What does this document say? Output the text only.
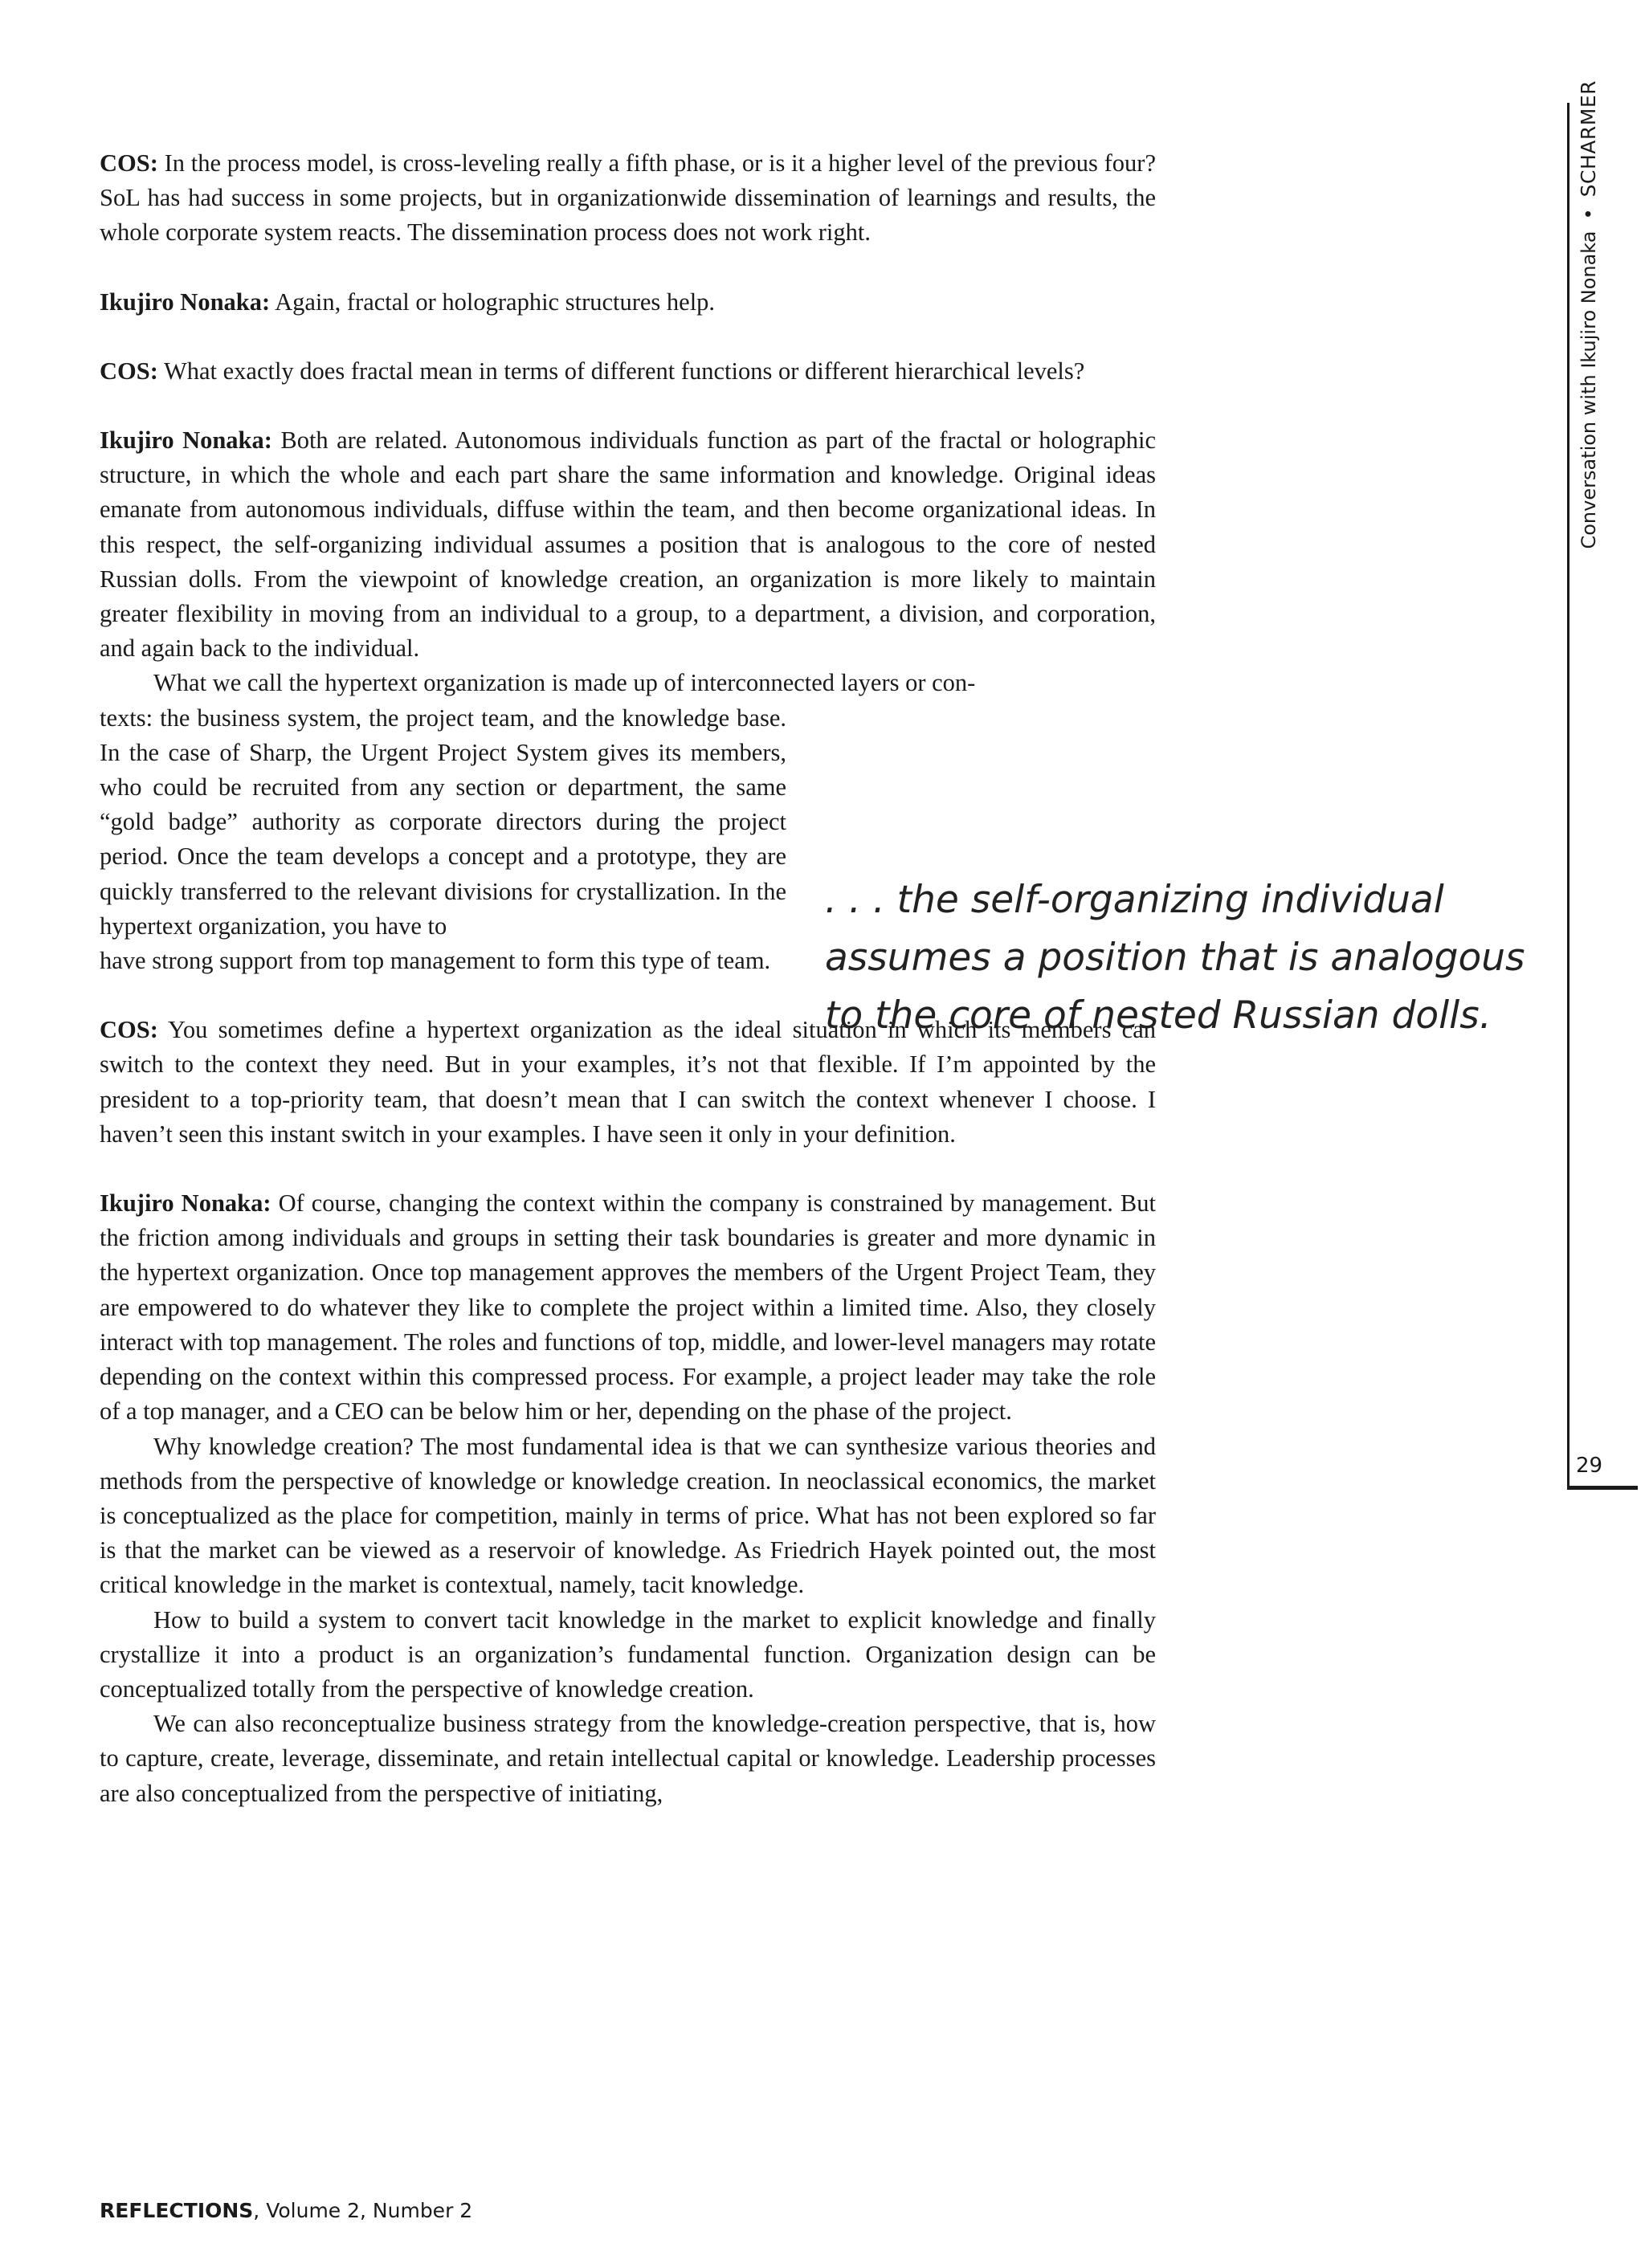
COS: In the process model, is cross-leveling really a fifth phase, or is it a higher level of the previous four? SoL has had success in some projects, but in organizationwide dissemination of learnings and results, the whole corporate system reacts. The dissemination process does not work right.

Ikujiro Nonaka: Again, fractal or holographic structures help.

COS: What exactly does fractal mean in terms of different functions or different hierarchical levels?

Ikujiro Nonaka: Both are related. Autonomous individuals function as part of the fractal or holographic structure, in which the whole and each part share the same information and knowledge. Original ideas emanate from autonomous individuals, diffuse within the team, and then become organizational ideas. In this respect, the self-organizing individual assumes a position that is analogous to the core of nested Russian dolls. From the viewpoint of knowledge creation, an organization is more likely to maintain greater flexibility in moving from an individual to a group, to a department, a division, and corporation, and again back to the individual.

What we call the hypertext organization is made up of interconnected layers or con-

texts: the business system, the project team, and the knowledge base. In the case of Sharp, the Urgent Project System gives its members, who could be recruited from any section or department, the same “gold badge” authority as corporate directors during the project period. Once the team develops a concept and a prototype, they are quickly transferred to the relevant divisions for crystallization. In the hypertext organization, you have to

have strong support from top management to form this type of team.

COS: You sometimes define a hypertext organization as the ideal situation in which its members can switch to the context they need. But in your examples, it’s not that flexible. If I’m appointed by the president to a top-priority team, that doesn’t mean that I can switch the context whenever I choose. I haven’t seen this instant switch in your examples. I have seen it only in your definition.

Ikujiro Nonaka: Of course, changing the context within the company is constrained by management. But the friction among individuals and groups in setting their task boundaries is greater and more dynamic in the hypertext organization. Once top management approves the members of the Urgent Project Team, they are empowered to do whatever they like to complete the project within a limited time. Also, they closely interact with top management. The roles and functions of top, middle, and lower-level managers may rotate depending on the context within this compressed process. For example, a project leader may take the role of a top manager, and a CEO can be below him or her, depending on the phase of the project.

Why knowledge creation? The most fundamental idea is that we can synthesize various theories and methods from the perspective of knowledge or knowledge creation. In neoclassical economics, the market is conceptualized as the place for competition, mainly in terms of price. What has not been explored so far is that the market can be viewed as a reservoir of knowledge. As Friedrich Hayek pointed out, the most critical knowledge in the market is contextual, namely, tacit knowledge.

How to build a system to convert tacit knowledge in the market to explicit knowledge and finally crystallize it into a product is an organization’s fundamental function. Organization design can be conceptualized totally from the perspective of knowledge creation.

We can also reconceptualize business strategy from the knowledge-creation perspective, that is, how to capture, create, leverage, disseminate, and retain intellectual capital or knowledge. Leadership processes are also conceptualized from the perspective of initiating,

. . . the self-organizing individual assumes a position that is analogous to the core of nested Russian dolls.

Conversation with Ikujiro Nonaka•SCHARMER
29
REFLECTIONS, Volume 2, Number 2
